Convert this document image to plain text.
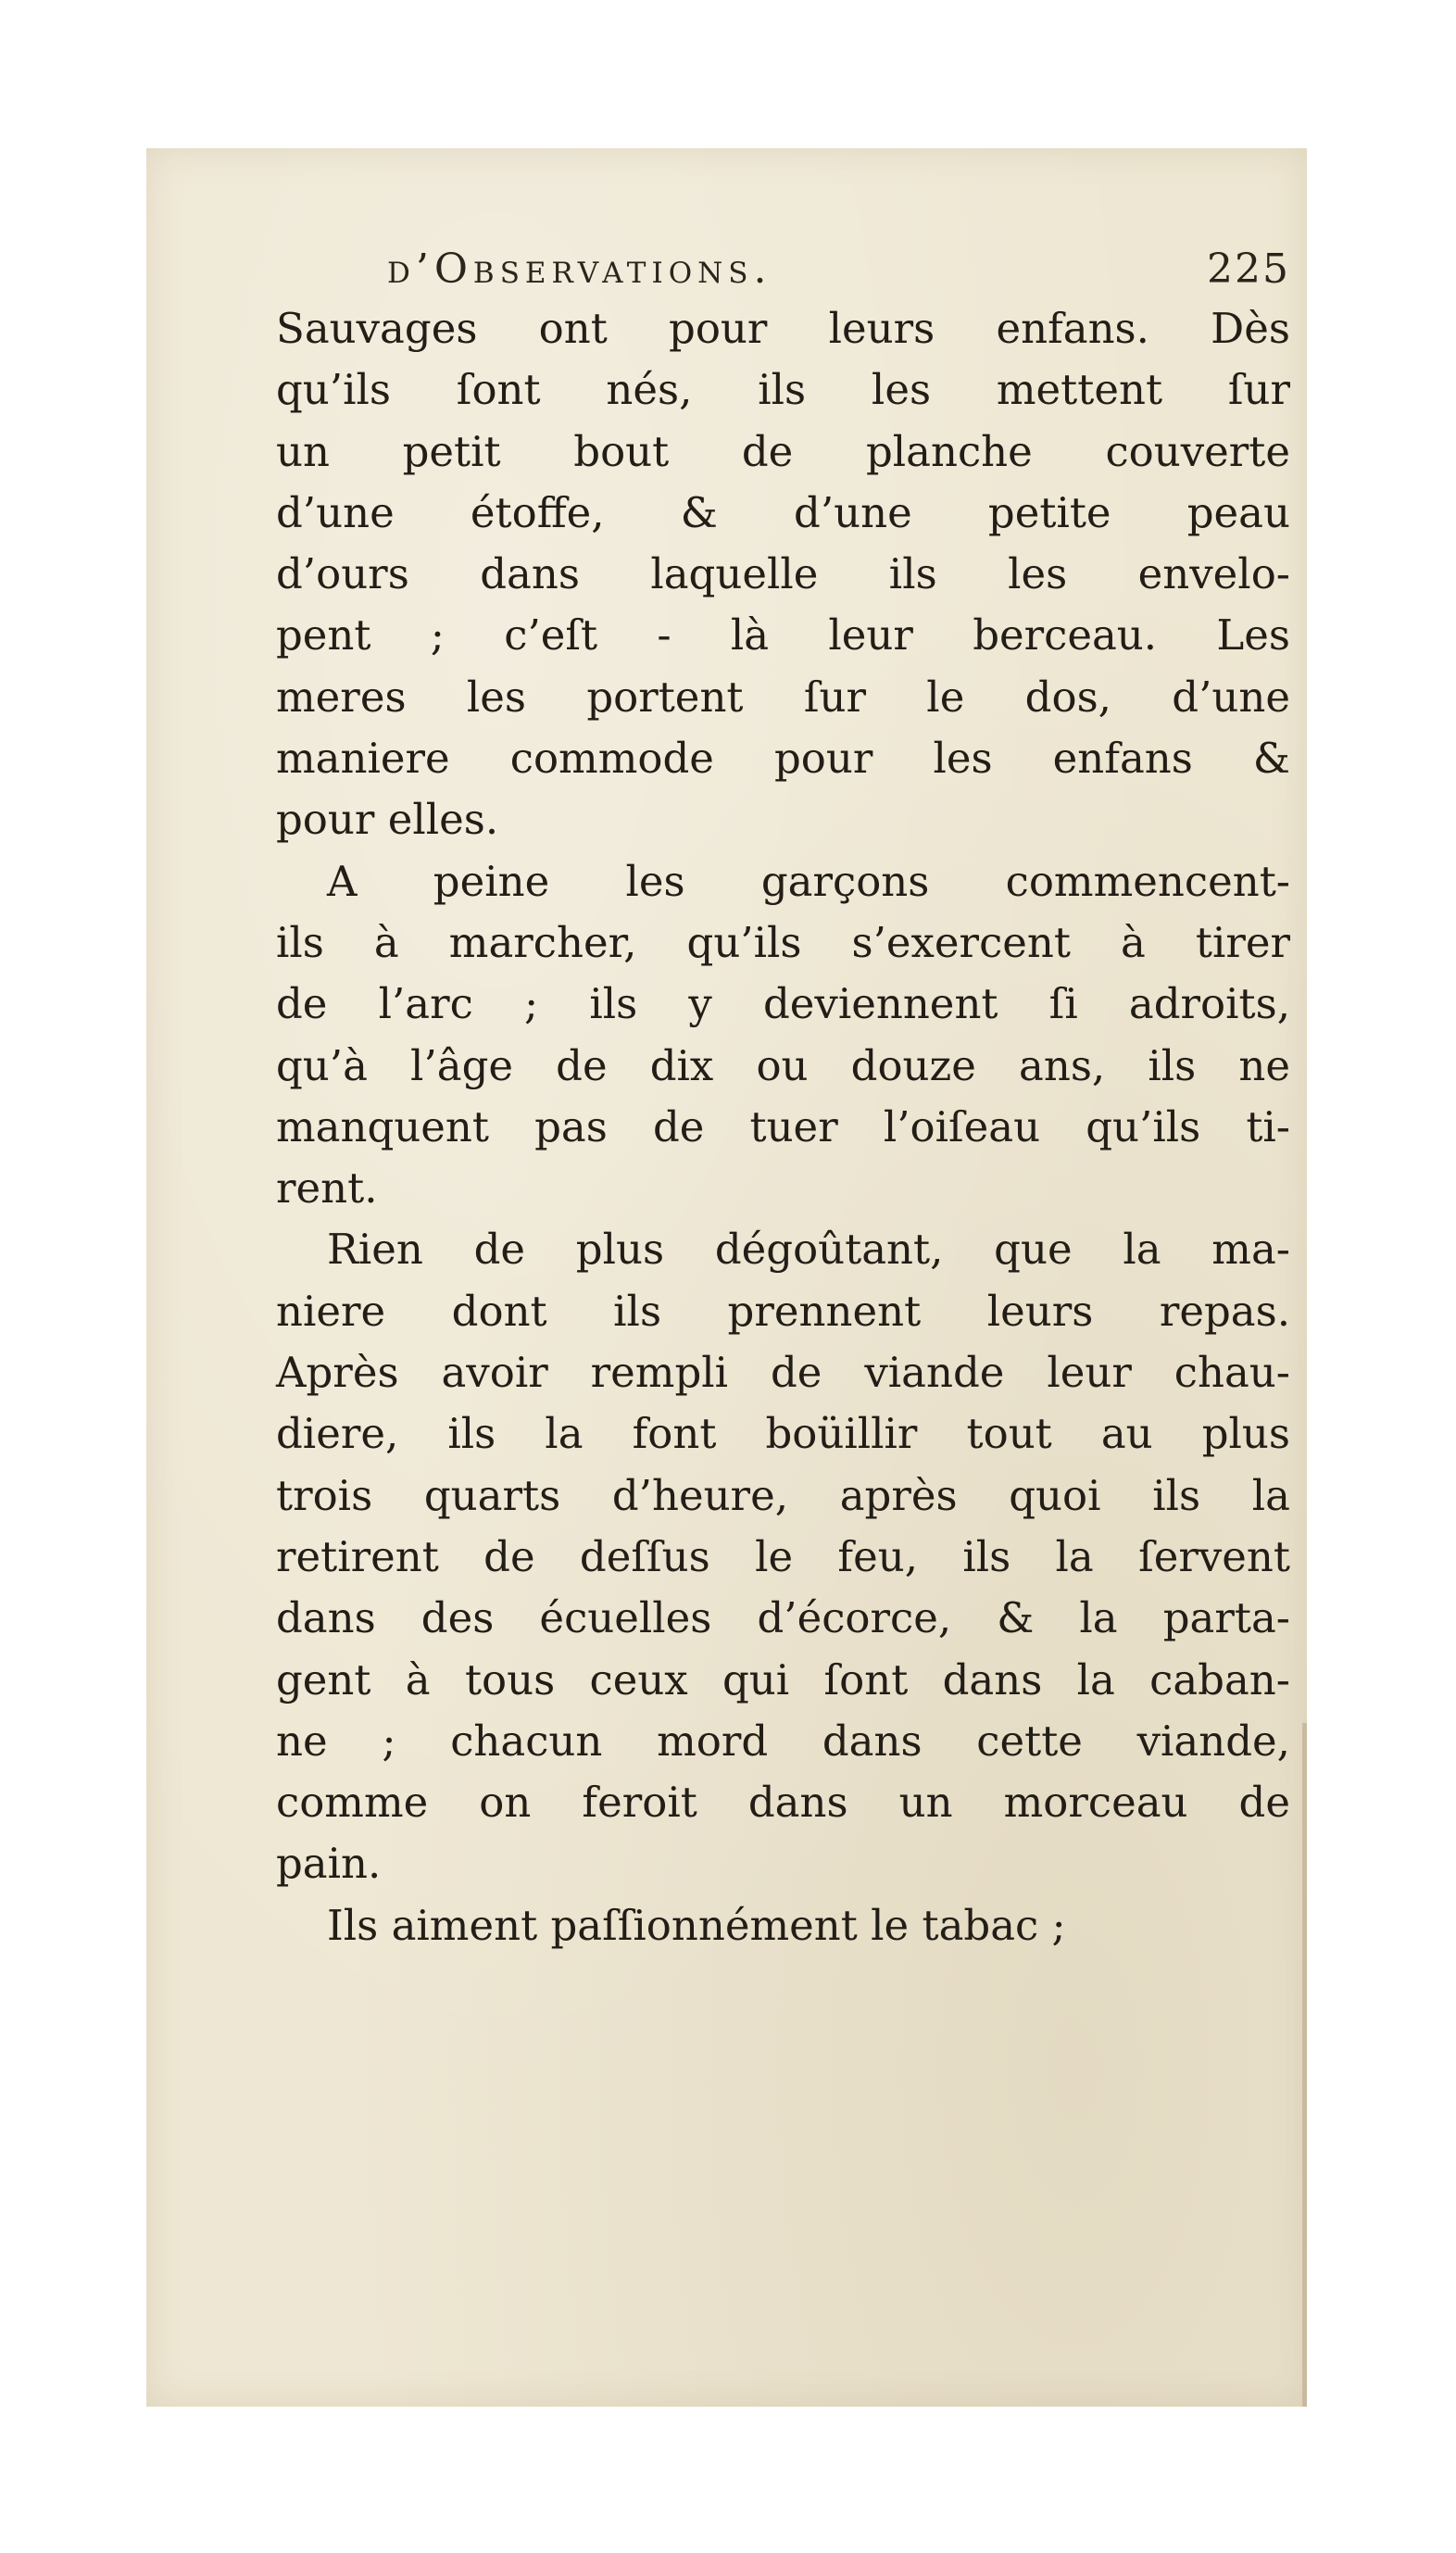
d’Observations.	225
Sauvages ont pour leurs enfans. Dès
qu’ils ſont nés, ils les mettent ſur
un petit bout de planche couverte
d’une étoffe, & d’une petite peau
d’ours dans laquelle ils les envelo-
pent ; c’eſt - là leur berceau. Les
meres les portent ſur le dos, d’une
maniere commode pour les enfans &
pour elles.
A peine les garçons commencent-
ils à marcher, qu’ils s’exercent à tirer
de l’arc ; ils y deviennent ſi adroits,
qu’à l’âge de dix ou douze ans, ils ne
manquent pas de tuer l’oiſeau qu’ils ti-
rent.
Rien de plus dégoûtant, que la ma-
niere dont ils prennent leurs repas.
Après avoir rempli de viande leur chau-
diere, ils la font boüillir tout au plus
trois quarts d’heure, après quoi ils la
retirent de deſſus le feu, ils la ſervent
dans des écuelles d’écorce, & la parta-
gent à tous ceux qui ſont dans la caban-
ne ; chacun mord dans cette viande,
comme on feroit dans un morceau de
pain.
Ils aiment paſſionnément le tabac ;
